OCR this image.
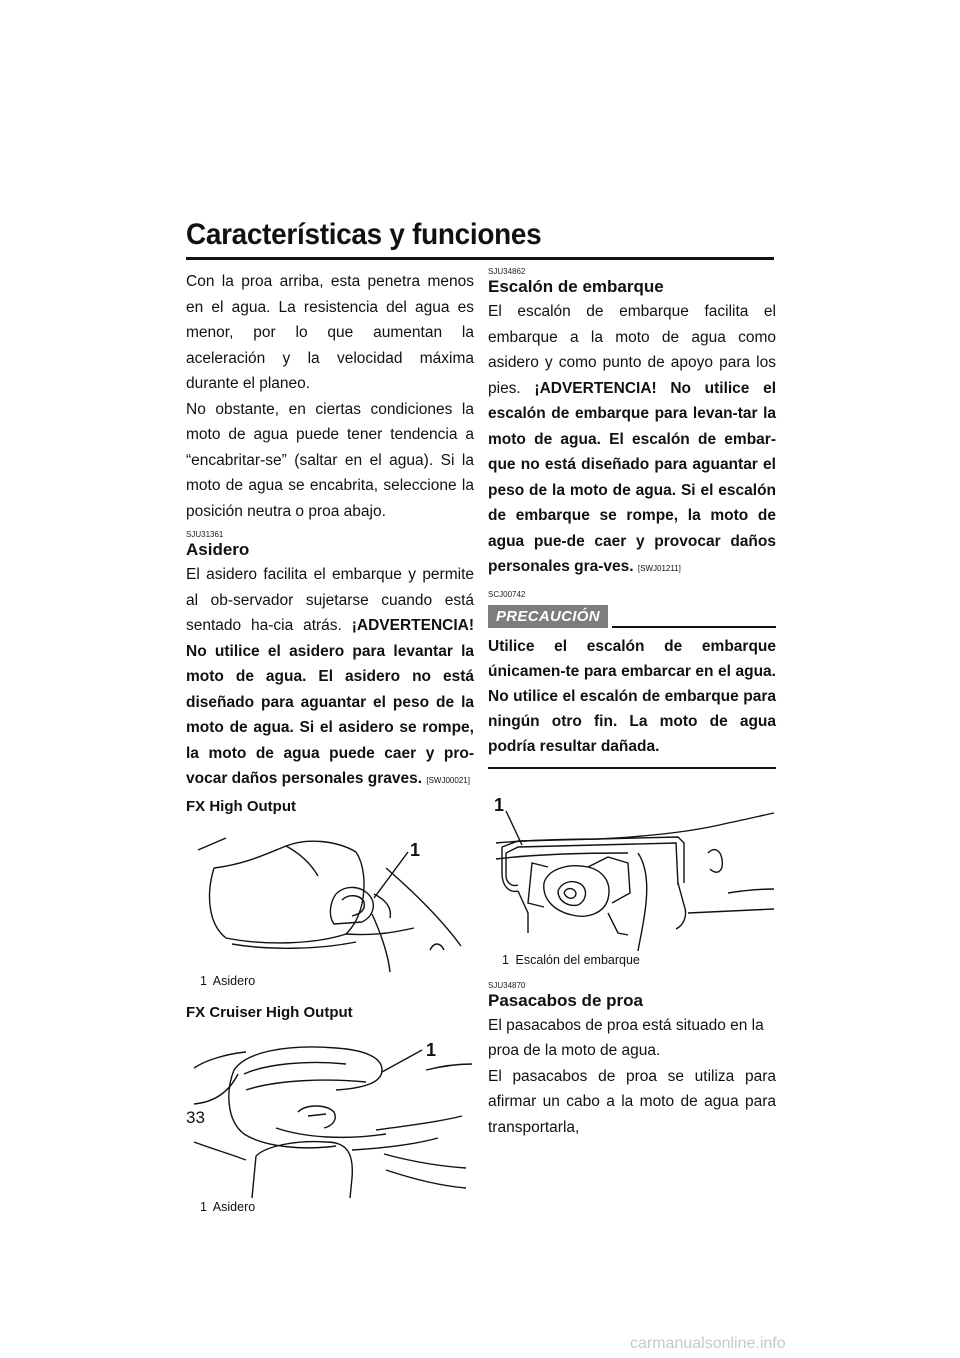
Características y funciones

Con la proa arriba, esta penetra menos en el agua. La resistencia del agua es menor, por lo que aumentan la aceleración y la velocidad máxima durante el planeo.

No obstante, en ciertas condiciones la moto de agua puede tener tendencia a “encabritar-se” (saltar en el agua). Si la moto de agua se encabrita, seleccione la posición neutra o proa abajo.

SJU31361
Asidero

El asidero facilita el embarque y permite al ob-servador sujetarse cuando está sentado ha-cia atrás. ¡ADVERTENCIA! No utilice el asidero para levantar la moto de agua. El asidero no está diseñado para aguantar el peso de la moto de agua. Si el asidero se rompe, la moto de agua puede caer y pro-vocar daños personales graves. [SWJ00021]

FX High Output
1
1 Asidero
FX Cruiser High Output
1
1 Asidero
SJU34862
Escalón de embarque

El escalón de embarque facilita el embarque a la moto de agua como asidero y como punto de apoyo para los pies. ¡ADVERTENCIA! No utilice el escalón de embarque para levan-tar la moto de agua. El escalón de embar-que no está diseñado para aguantar el peso de la moto de agua. Si el escalón de embarque se rompe, la moto de agua pue-de caer y provocar daños personales gra-ves. [SWJ01211]

SCJ00742
PRECAUCIÓN
Utilice el escalón de embarque únicamen-te para embarcar en el agua. No utilice el escalón de embarque para ningún otro fin. La moto de agua podría resultar dañada.
1
1 Escalón del embarque
SJU34870
Pasacabos de proa

El pasacabos de proa está situado en la proa de la moto de agua.

El pasacabos de proa se utiliza para afirmar un cabo a la moto de agua para transportarla,

33
carmanualsonline.info
